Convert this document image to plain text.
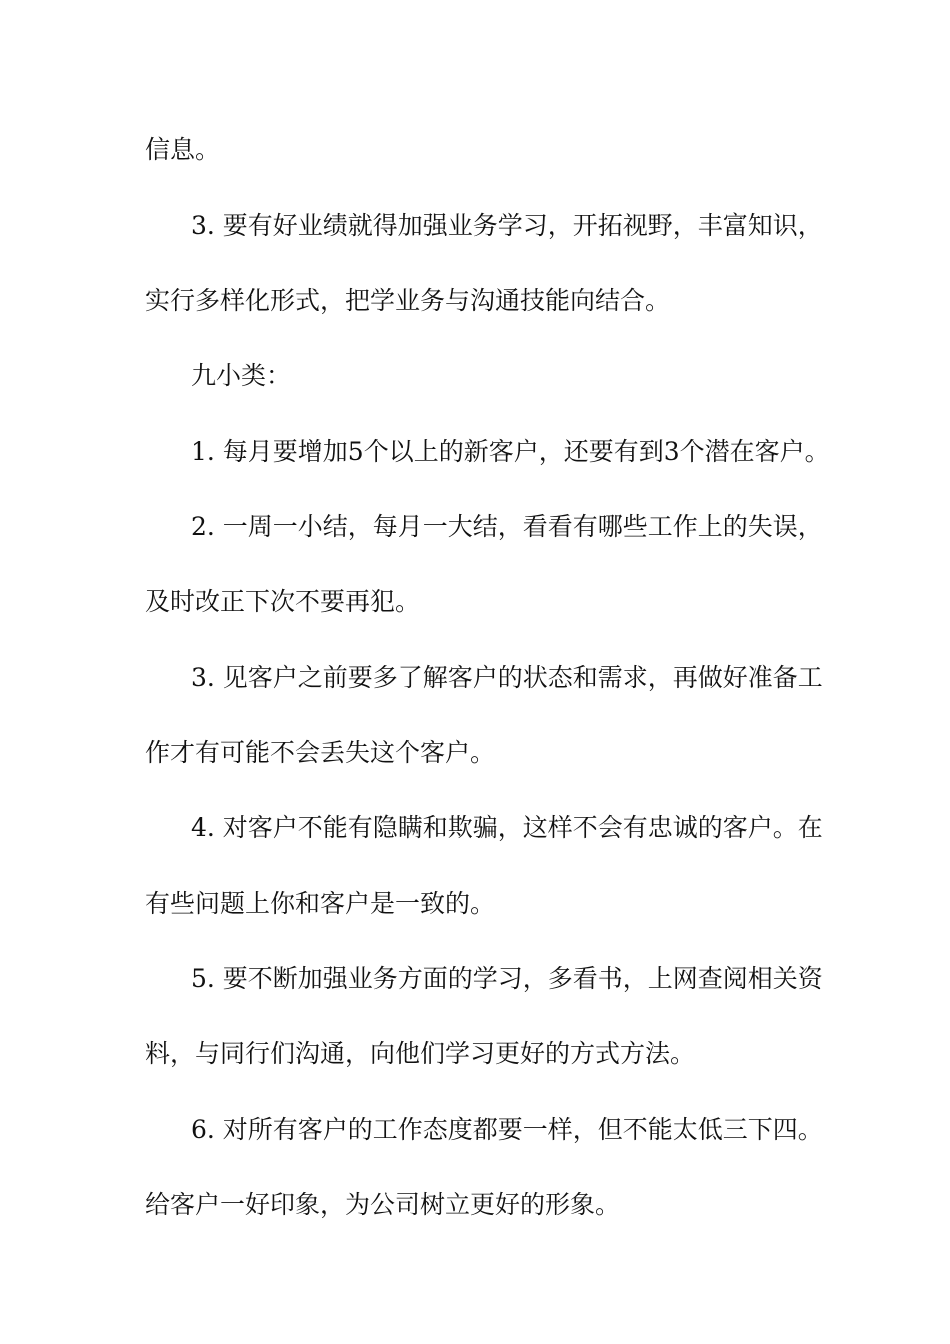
信息。
3. 要有好业绩就得加强业务学习，开拓视野，丰富知识，
实行多样化形式，把学业务与沟通技能向结合。
九小类：
1. 每月要增加5个以上的新客户，还要有到3个潜在客户。
2. 一周一小结，每月一大结，看看有哪些工作上的失误，
及时改正下次不要再犯。
3. 见客户之前要多了解客户的状态和需求，再做好准备工
作才有可能不会丢失这个客户。
4. 对客户不能有隐瞒和欺骗，这样不会有忠诚的客户。在
有些问题上你和客户是一致的。
5. 要不断加强业务方面的学习，多看书，上网查阅相关资
料，与同行们沟通，向他们学习更好的方式方法。
6. 对所有客户的工作态度都要一样，但不能太低三下四。
给客户一好印象，为公司树立更好的形象。
